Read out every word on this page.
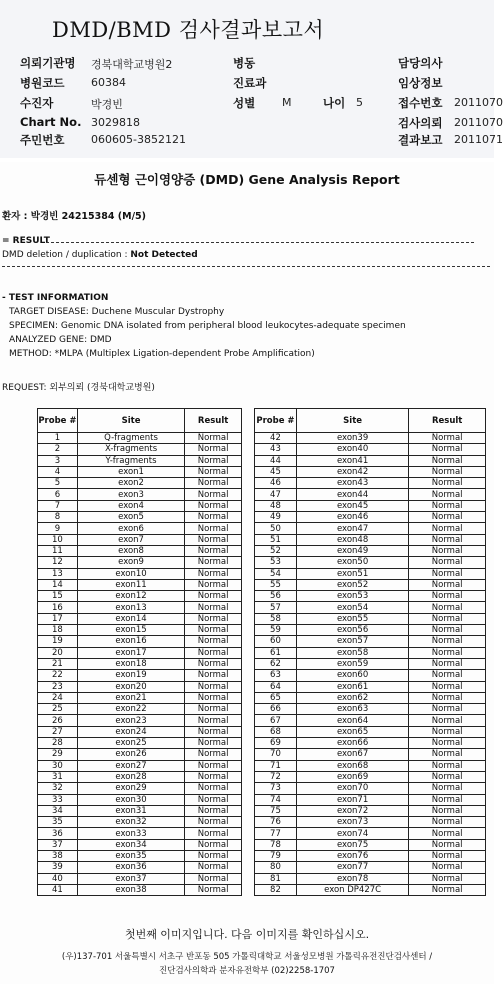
DMD/BMD 검사결과보고서
의뢰기관명 경북대학교병원2	병동	담당의사
병원코드 60384	진료과	임상정보
수진자	박경빈	성별 M	나이 5	접수번호 2011070
Chart No. 3029818	검사의뢰 2011070
주민번호 060605-3852121	결과보고 2011071
듀센형 근이영양증 (DMD) Gene Analysis Report
환자 : 박경빈 24215384 (M/5)
= RESULT
DMD deletion / duplication : Not Detected
- TEST INFORMATION
TARGET DISEASE: Duchene Muscular Dystrophy
SPECIMEN: Genomic DNA isolated from peripheral blood leukocytes-adequate specimen
ANALYZED GENE: DMD
METHOD: *MLPA (Multiplex Ligation-dependent Probe Amplification)
REQUEST: 외부의뢰 (경북대학교병원)
Probe #	Site	Result
1	Q-fragments	Normal
2	X-fragments	Normal
3	Y-fragments	Normal
4	exon1	Normal
5	exon2	Normal
6	exon3	Normal
7	exon4	Normal
8	exon5	Normal
9	exon6	Normal
10	exon7	Normal
11	exon8	Normal
12	exon9	Normal
13	exon10	Normal
14	exon11	Normal
15	exon12	Normal
16	exon13	Normal
17	exon14	Normal
18	exon15	Normal
19	exon16	Normal
20	exon17	Normal
21	exon18	Normal
22	exon19	Normal
23	exon20	Normal
24	exon21	Normal
25	exon22	Normal
26	exon23	Normal
27	exon24	Normal
28	exon25	Normal
29	exon26	Normal
30	exon27	Normal
31	exon28	Normal
32	exon29	Normal
33	exon30	Normal
34	exon31	Normal
35	exon32	Normal
36	exon33	Normal
37	exon34	Normal
38	exon35	Normal
39	exon36	Normal
40	exon37	Normal
41	exon38	Normal
Probe #	Site	Result
42	exon39	Normal
43	exon40	Normal
44	exon41	Normal
45	exon42	Normal
46	exon43	Normal
47	exon44	Normal
48	exon45	Normal
49	exon46	Normal
50	exon47	Normal
51	exon48	Normal
52	exon49	Normal
53	exon50	Normal
54	exon51	Normal
55	exon52	Normal
56	exon53	Normal
57	exon54	Normal
58	exon55	Normal
59	exon56	Normal
60	exon57	Normal
61	exon58	Normal
62	exon59	Normal
63	exon60	Normal
64	exon61	Normal
65	exon62	Normal
66	exon63	Normal
67	exon64	Normal
68	exon65	Normal
69	exon66	Normal
70	exon67	Normal
71	exon68	Normal
72	exon69	Normal
73	exon70	Normal
74	exon71	Normal
75	exon72	Normal
76	exon73	Normal
77	exon74	Normal
78	exon75	Normal
79	exon76	Normal
80	exon77	Normal
81	exon78	Normal
82	exon DP427C	Normal
첫번째 이미지입니다. 다음 이미지를 확인하십시오.
(우)137-701 서울특별시 서초구 반포동 505 가톨릭대학교 서울성모병원 가톨릭유전진단검사센터 /
진단검사의학과 분자유전학부 (02)2258-1707
